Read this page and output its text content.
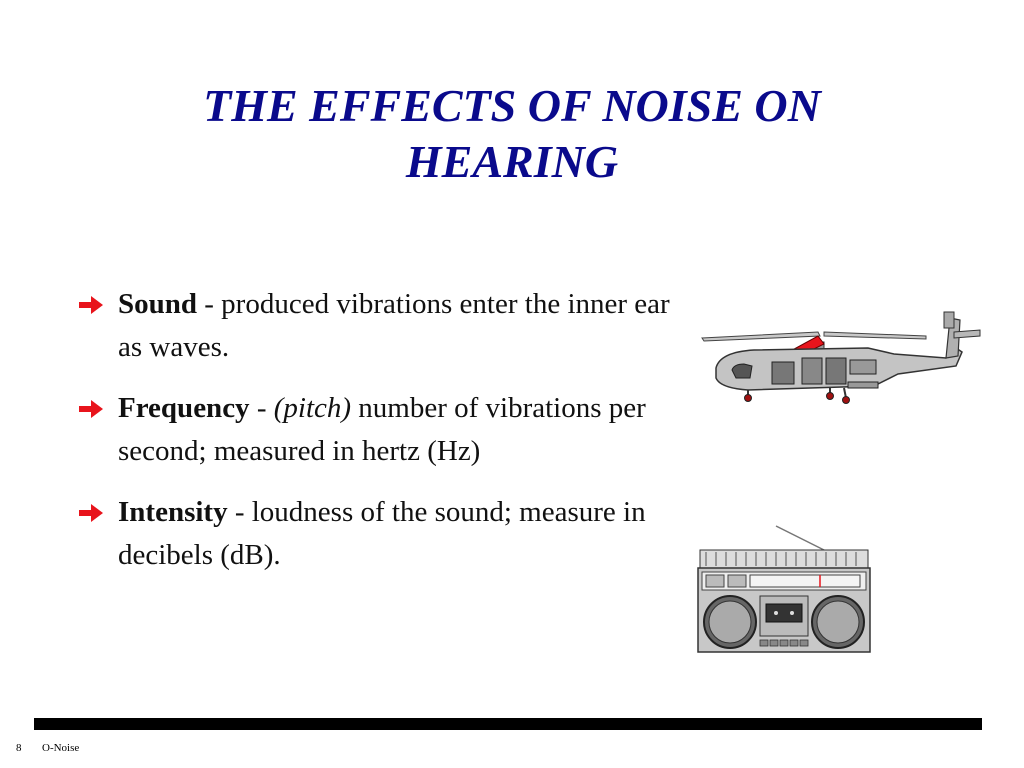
THE EFFECTS OF NOISE ON
HEARING
Sound - produced vibrations enter the inner ear as waves.
Frequency - (pitch) number of vibrations per second; measured in hertz (Hz)
Intensity - loudness of the sound; measure in decibels (dB).
8 O-Noise
